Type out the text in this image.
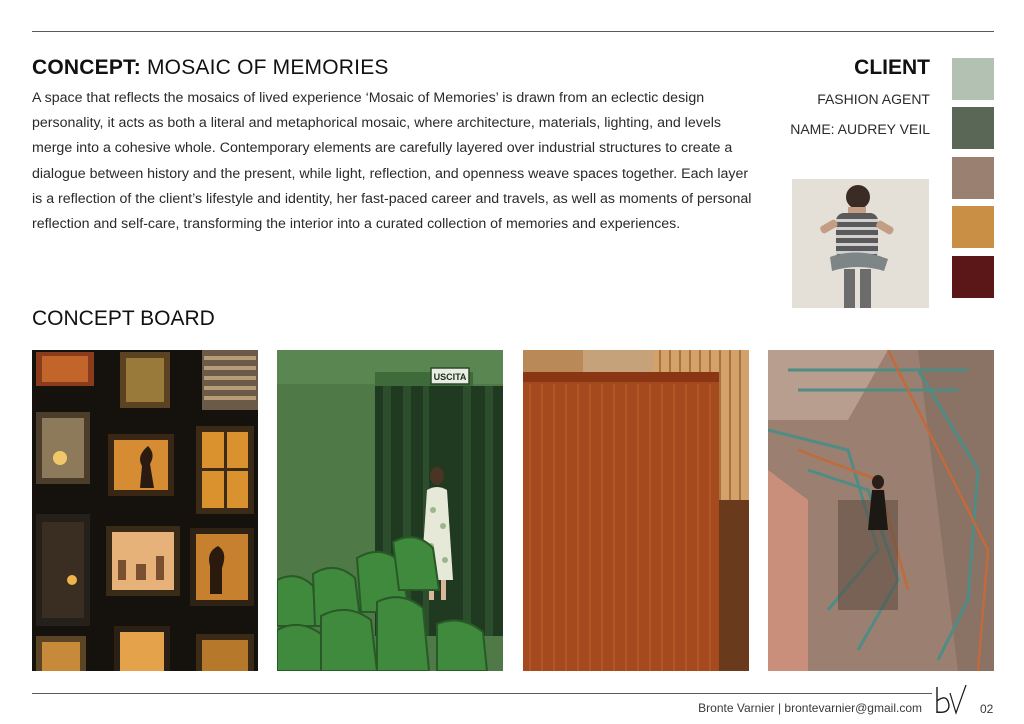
CONCEPT: MOSAIC OF MEMORIES

A space that reflects the mosaics of lived experience ‘Mosaic of Memories’ is drawn from an eclectic design personality, it acts as both a literal and metaphorical mosaic, where architecture, materials, lighting, and levels merge into a cohesive whole. Contemporary elements are carefully layered over industrial structures to create a dialogue between history and the present, while light, reflection, and openness weave spaces together. Each layer is a reflection of the client’s lifestyle and identity, her fast-paced career and travels, as well as moments of personal reflection and self-care, transforming the interior into a curated collection of memories and experiences.

CLIENT
FASHION AGENT
NAME: AUDREY VEIL
CONCEPT BOARD
USCITA
Bronte Varnier | brontevarnier@gmail.com	02
